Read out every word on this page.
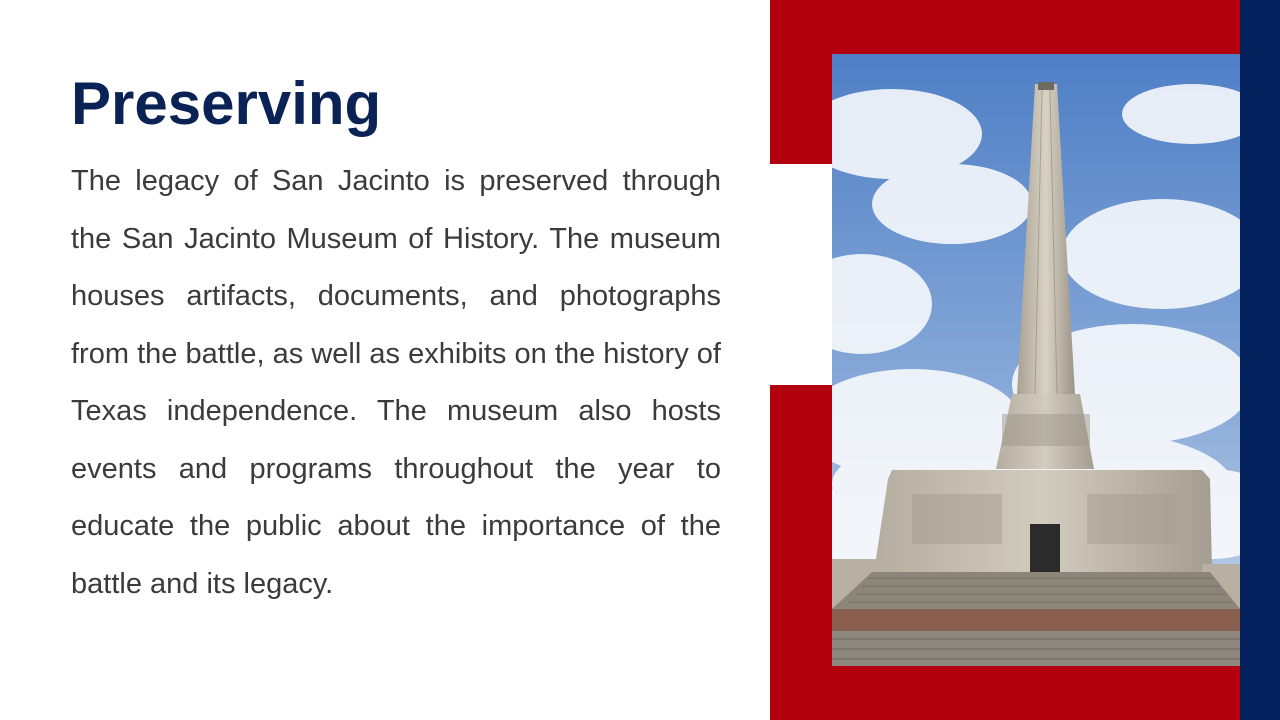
Preserving

The legacy of San Jacinto is preserved through the San Jacinto Museum of History. The museum houses artifacts, documents, and photographs from the battle, as well as exhibits on the history of Texas independence. The museum also hosts events and programs throughout the year to educate the public about the importance of the battle and its legacy.
